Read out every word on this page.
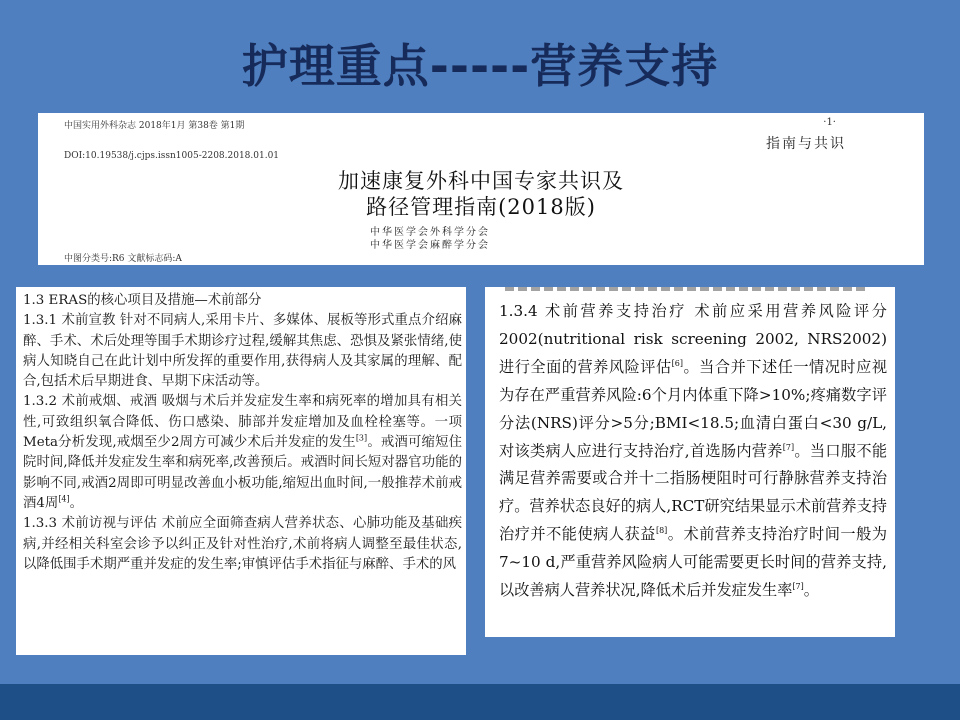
护理重点-----营养支持
中国实用外科杂志 2018年1月 第38卷 第1期	·1·
指南与共识
DOI:10.19538/j.cjps.issn1005-2208.2018.01.01
加速康复外科中国专家共识及
路径管理指南(2018版)
中华医学会外科学分会
中华医学会麻醉学分会
中图分类号:R6 文献标志码:A

1.3 ERAS的核心项目及措施—术前部分

1.3.1 术前宣教 针对不同病人,采用卡片、多媒体、展板等形式重点介绍麻醉、手术、术后处理等围手术期诊疗过程,缓解其焦虑、恐惧及紧张情绪,使病人知晓自己在此计划中所发挥的重要作用,获得病人及其家属的理解、配合,包括术后早期进食、早期下床活动等。

1.3.2 术前戒烟、戒酒 吸烟与术后并发症发生率和病死率的增加具有相关性,可致组织氧合降低、伤口感染、肺部并发症增加及血栓栓塞等。一项Meta分析发现,戒烟至少2周方可减少术后并发症的发生[3]。戒酒可缩短住院时间,降低并发症发生率和病死率,改善预后。戒酒时间长短对器官功能的影响不同,戒酒2周即可明显改善血小板功能,缩短出血时间,一般推荐术前戒酒4周[4]。

1.3.3 术前访视与评估 术前应全面筛查病人营养状态、心肺功能及基础疾病,并经相关科室会诊予以纠正及针对性治疗,术前将病人调整至最佳状态,以降低围手术期严重并发症的发生率;审慎评估手术指征与麻醉、手术的风

1.3.4 术前营养支持治疗 术前应采用营养风险评分2002(nutritional risk screening 2002, NRS2002)进行全面的营养风险评估[6]。当合并下述任一情况时应视为存在严重营养风险:6个月内体重下降>10%;疼痛数字评分法(NRS)评分>5分;BMI<18.5;血清白蛋白<30 g/L,对该类病人应进行支持治疗,首选肠内营养[7]。当口服不能满足营养需要或合并十二指肠梗阻时可行静脉营养支持治疗。营养状态良好的病人,RCT研究结果显示术前营养支持治疗并不能使病人获益[8]。术前营养支持治疗时间一般为7~10 d,严重营养风险病人可能需要更长时间的营养支持,以改善病人营养状况,降低术后并发症发生率[7]。
